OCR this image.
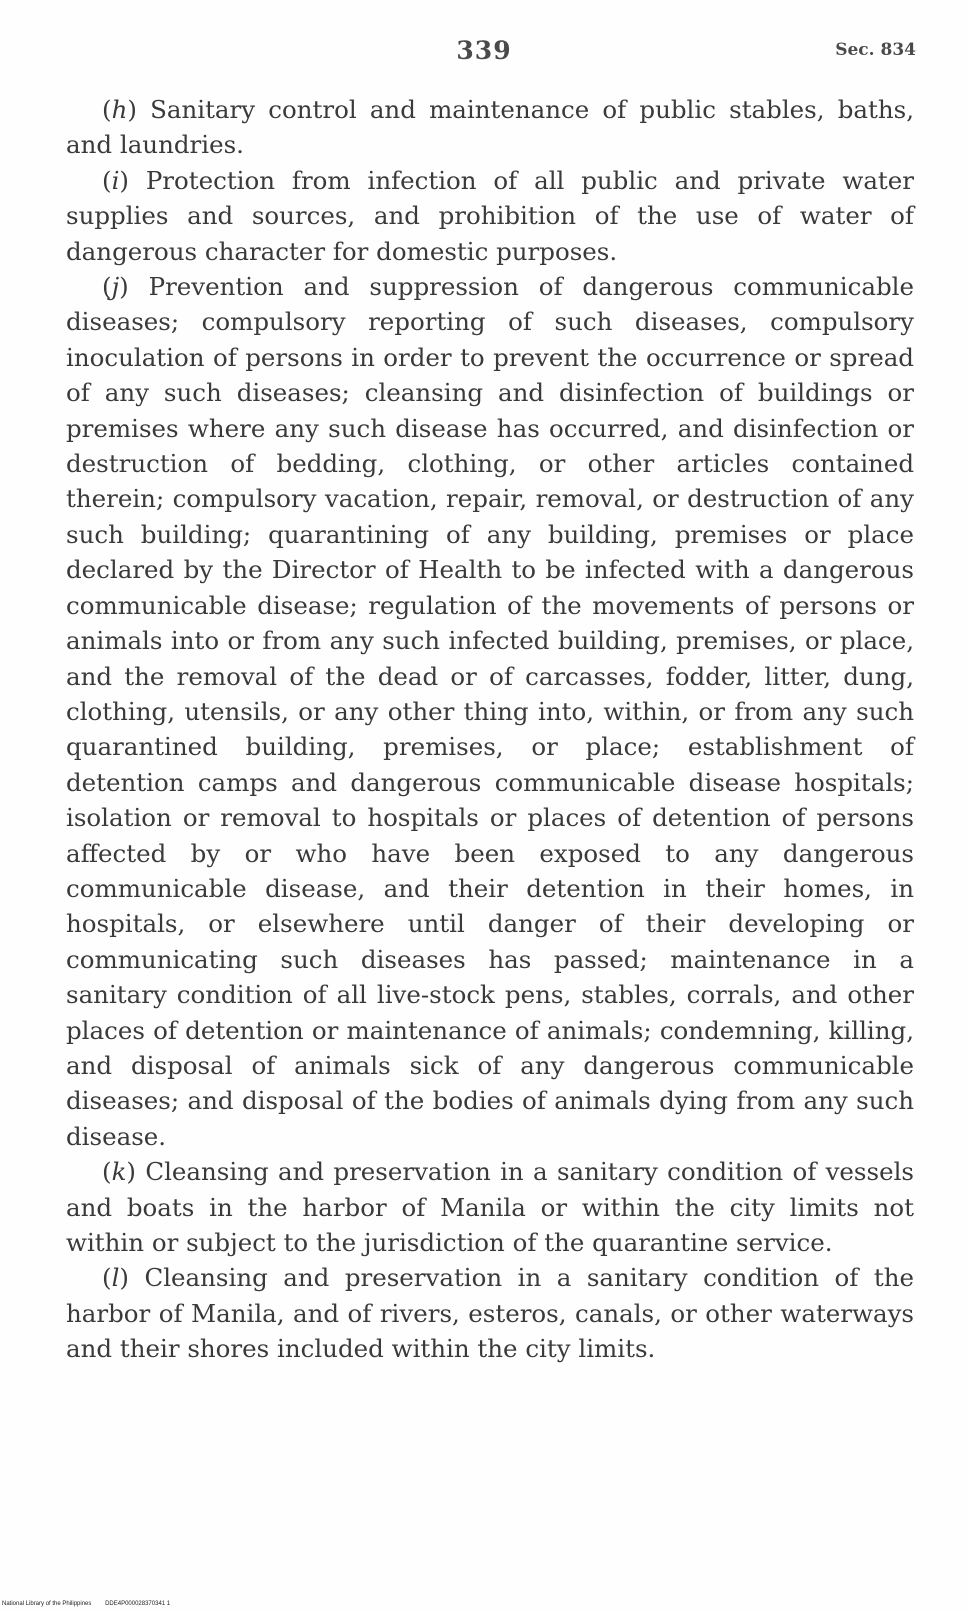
339	Sec. 834

(h) Sanitary control and maintenance of public stables, baths, and laundries.

(i) Protection from infection of all public and private water supplies and sources, and prohibition of the use of water of dangerous character for domestic purposes.

(j) Prevention and suppression of dangerous communicable diseases; compulsory reporting of such diseases, compulsory inoculation of persons in order to prevent the occurrence or spread of any such diseases; cleansing and disinfection of buildings or premises where any such disease has occurred, and disinfection or destruction of bedding, clothing, or other articles contained therein; compulsory vacation, repair, removal, or destruction of any such building; quarantining of any building, premises or place declared by the Director of Health to be infected with a dangerous communicable disease; regulation of the movements of persons or animals into or from any such infected building, premises, or place, and the removal of the dead or of carcasses, fodder, litter, dung, clothing, utensils, or any other thing into, within, or from any such quarantined building, premises, or place; establishment of detention camps and dangerous communicable disease hospitals; isolation or removal to hospitals or places of detention of persons affected by or who have been exposed to any dangerous communicable disease, and their detention in their homes, in hospitals, or elsewhere until danger of their developing or communicating such diseases has passed; maintenance in a sanitary condition of all live-stock pens, stables, corrals, and other places of detention or maintenance of animals; condemning, killing, and disposal of animals sick of any dangerous communicable diseases; and disposal of the bodies of animals dying from any such disease.

(k) Cleansing and preservation in a sanitary condition of vessels and boats in the harbor of Manila or within the city limits not within or subject to the jurisdiction of the quarantine service.

(l) Cleansing and preservation in a sanitary condition of the harbor of Manila, and of rivers, esteros, canals, or other waterways and their shores included within the city limits.

National Library of the Philippines DDE4P000028370341 1
